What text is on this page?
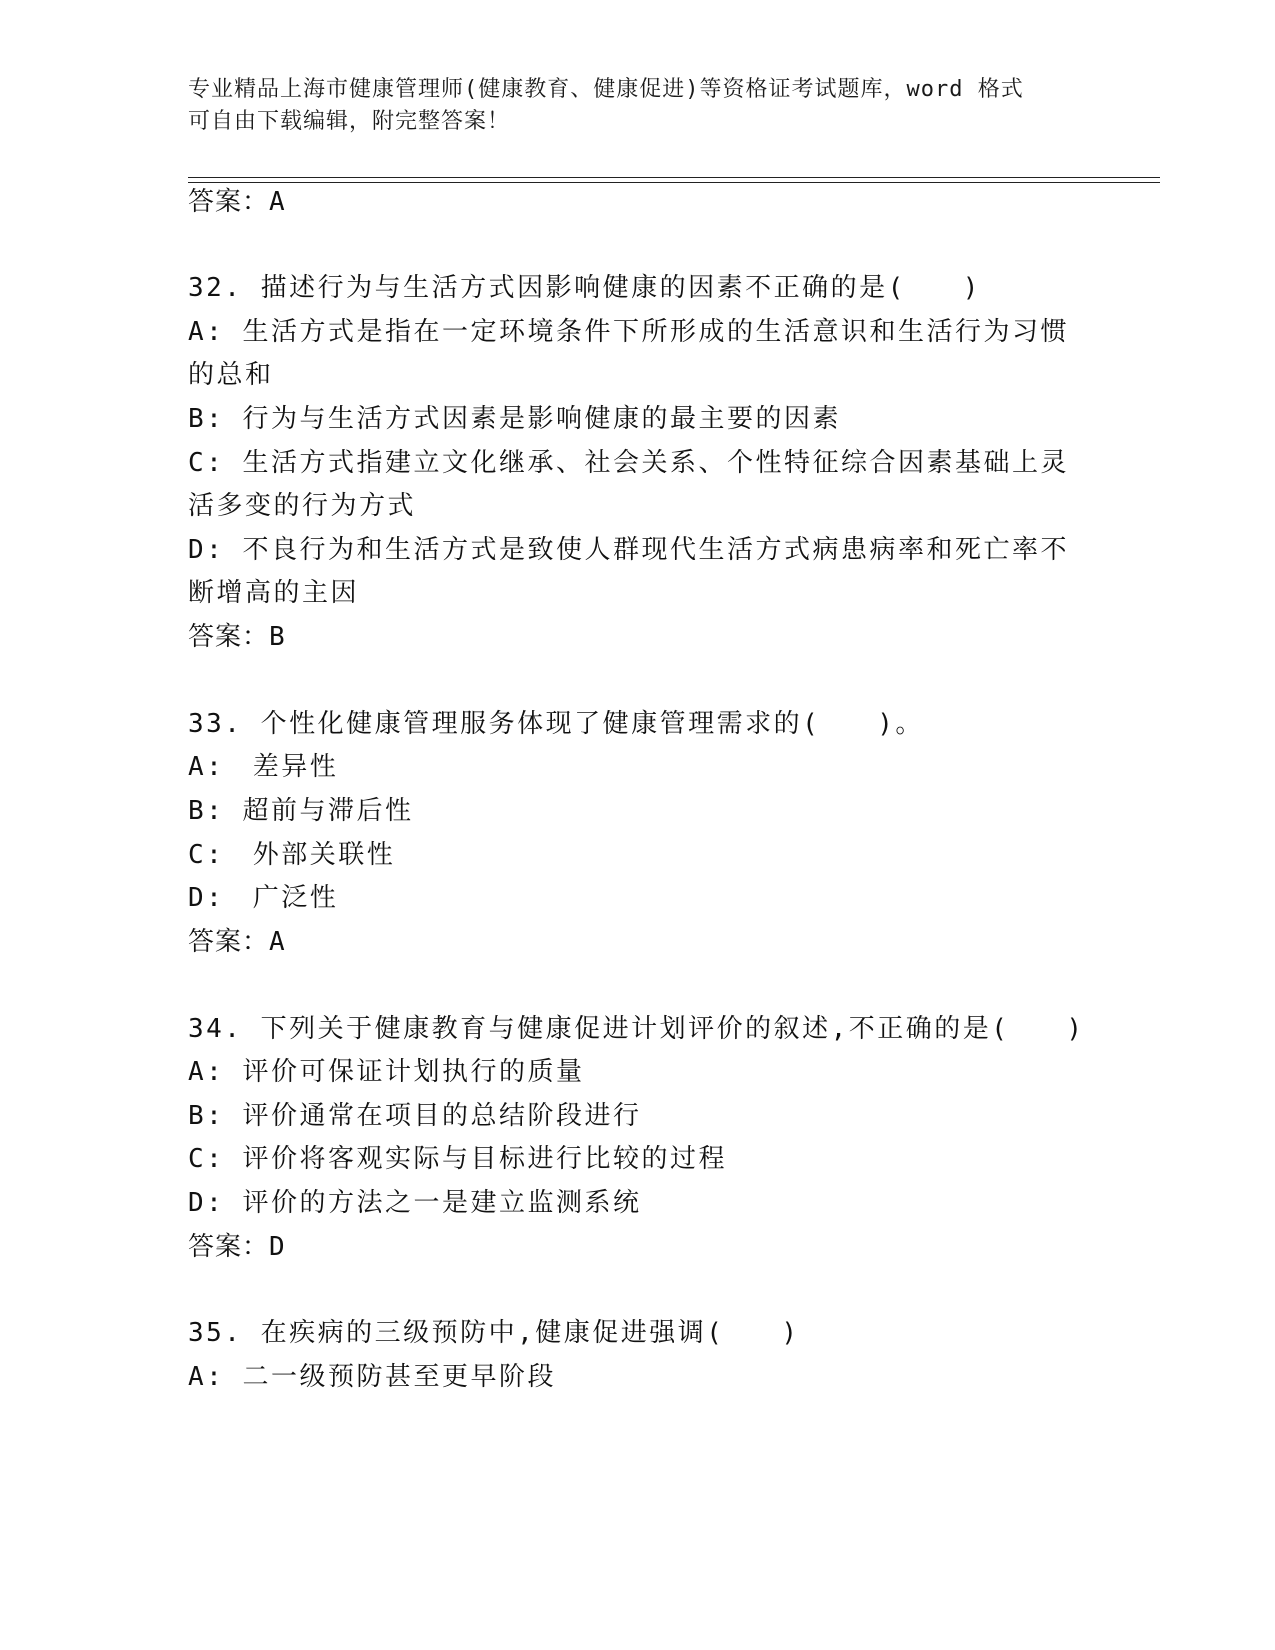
专业精品上海市健康管理师(健康教育、健康促进)等资格证考试题库，word 格式
可自由下载编辑，附完整答案！
答案：A
32. 描述行为与生活方式因影响健康的因素不正确的是(　　)
A: 生活方式是指在一定环境条件下所形成的生活意识和生活行为习惯
的总和
B: 行为与生活方式因素是影响健康的最主要的因素
C: 生活方式指建立文化继承、社会关系、个性特征综合因素基础上灵
活多变的行为方式
D: 不良行为和生活方式是致使人群现代生活方式病患病率和死亡率不
断增高的主因
答案：B
33. 个性化健康管理服务体现了健康管理需求的(　　)。
A:　差异性
B: 超前与滞后性
C:　外部关联性
D:　广泛性
答案：A
34. 下列关于健康教育与健康促进计划评价的叙述,不正确的是(　　)
A: 评价可保证计划执行的质量
B: 评价通常在项目的总结阶段进行
C: 评价将客观实际与目标进行比较的过程
D: 评价的方法之一是建立监测系统
答案：D
35. 在疾病的三级预防中,健康促进强调(　　)
A: 二一级预防甚至更早阶段
